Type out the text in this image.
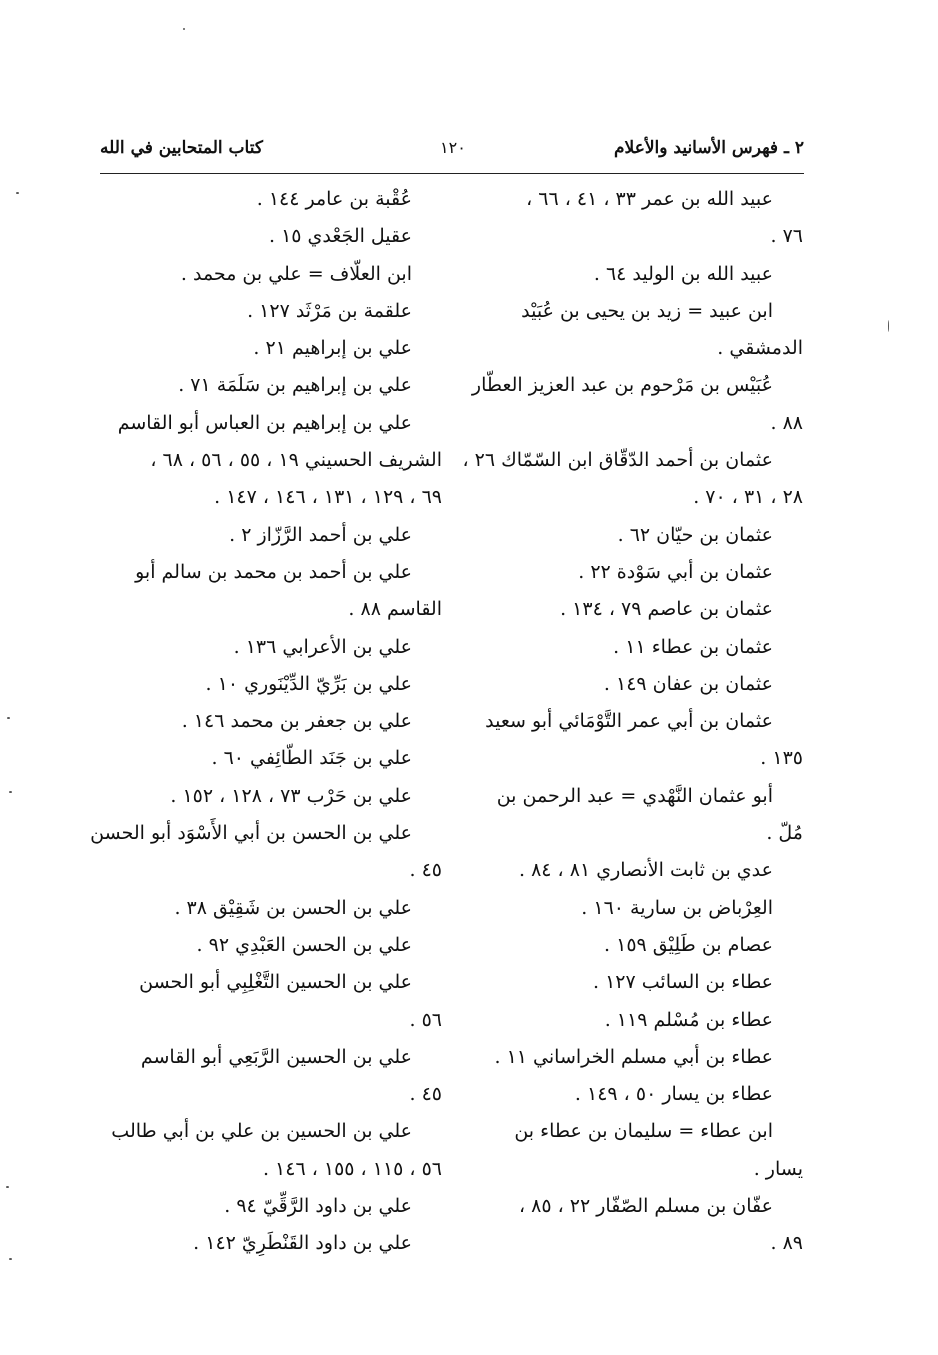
٢ ـ فهرس الأسانيد والأعلام
١٢٠
كتاب المتحابين في الله
عبيد الله بن عمر ٣٣ ، ٤١ ، ٦٦ ،
٧٦ .
عبيد الله بن الوليد ٦٤ .
ابن عبيد = زيد بن يحيى بن عُبَيْد
الدمشقي .
عُبَيْس بن مَرْحوم بن عبد العزيز العطّار
٨٨ .
عثمان بن أحمد الدّقّاق ابن السّمّاك ٢٦ ،
٢٨ ، ٣١ ، ٧٠ .
عثمان بن حيّان ٦٢ .
عثمان بن أبي سَوْدة ٢٢ .
عثمان بن عاصم ٧٩ ، ١٣٤ .
عثمان بن عطاء ١١ .
عثمان بن عفان ١٤٩ .
عثمان بن أبي عمر التَّوْمَائي أبو سعيد
١٣٥ .
أبو عثمان النَّهْدي = عبد الرحمن بن
مُلّ .
عدي بن ثابت الأنصاري ٨١ ، ٨٤ .
العِرْباض بن سارية ١٦٠ .
عصام بن طَلِيْق ١٥٩ .
عطاء بن السائب ١٢٧ .
عطاء بن مُسْلم ١١٩ .
عطاء بن أبي مسلم الخراساني ١١ .
عطاء بن يسار ٥٠ ، ١٤٩ .
ابن عطاء = سليمان بن عطاء بن
يسار .
عفّان بن مسلم الصّفّار ٢٢ ، ٨٥ ،
٨٩ .
عُقْبة بن عامر ١٤٤ .
عقيل الجَعْدي ١٥ .
ابن العلّاف = علي بن محمد .
علقمة بن مَرْثَد ١٢٧ .
علي بن إبراهيم ٢١ .
علي بن إبراهيم بن سَلَمَة ٧١ .
علي بن إبراهيم بن العباس أبو القاسم
الشريف الحسيني ١٩ ، ٥٥ ، ٥٦ ، ٦٨ ،
٦٩ ، ١٢٩ ، ١٣١ ، ١٤٦ ، ١٤٧ .
علي بن أحمد الرَّزّاز ٢ .
علي بن أحمد بن محمد بن سالم أبو
القاسم ٨٨ .
علي بن الأعرابي ١٣٦ .
علي بن بَرِّيّ الدِّيْنَوري ١٠ .
علي بن جعفر بن محمد ١٤٦ .
علي بن جَنَد الطّائِفي ٦٠ .
علي بن حَرْب ٧٣ ، ١٢٨ ، ١٥٢ .
علي بن الحسن بن أبي الأَسْوَد أبو الحسن
٤٥ .
علي بن الحسن بن شَقِيْق ٣٨ .
علي بن الحسن العَبْدِي ٩٢ .
علي بن الحسين التَّغْلِبِي أبو الحسن
٥٦ .
علي بن الحسين الرَّبَعِي أبو القاسم
٤٥ .
علي بن الحسين بن علي بن أبي طالب
٥٦ ، ١١٥ ، ١٥٥ ، ١٤٦ .
علي بن داود الرَّقِّيّ ٩٤ .
علي بن داود القَنْطَرِيّ ١٤٢ .
